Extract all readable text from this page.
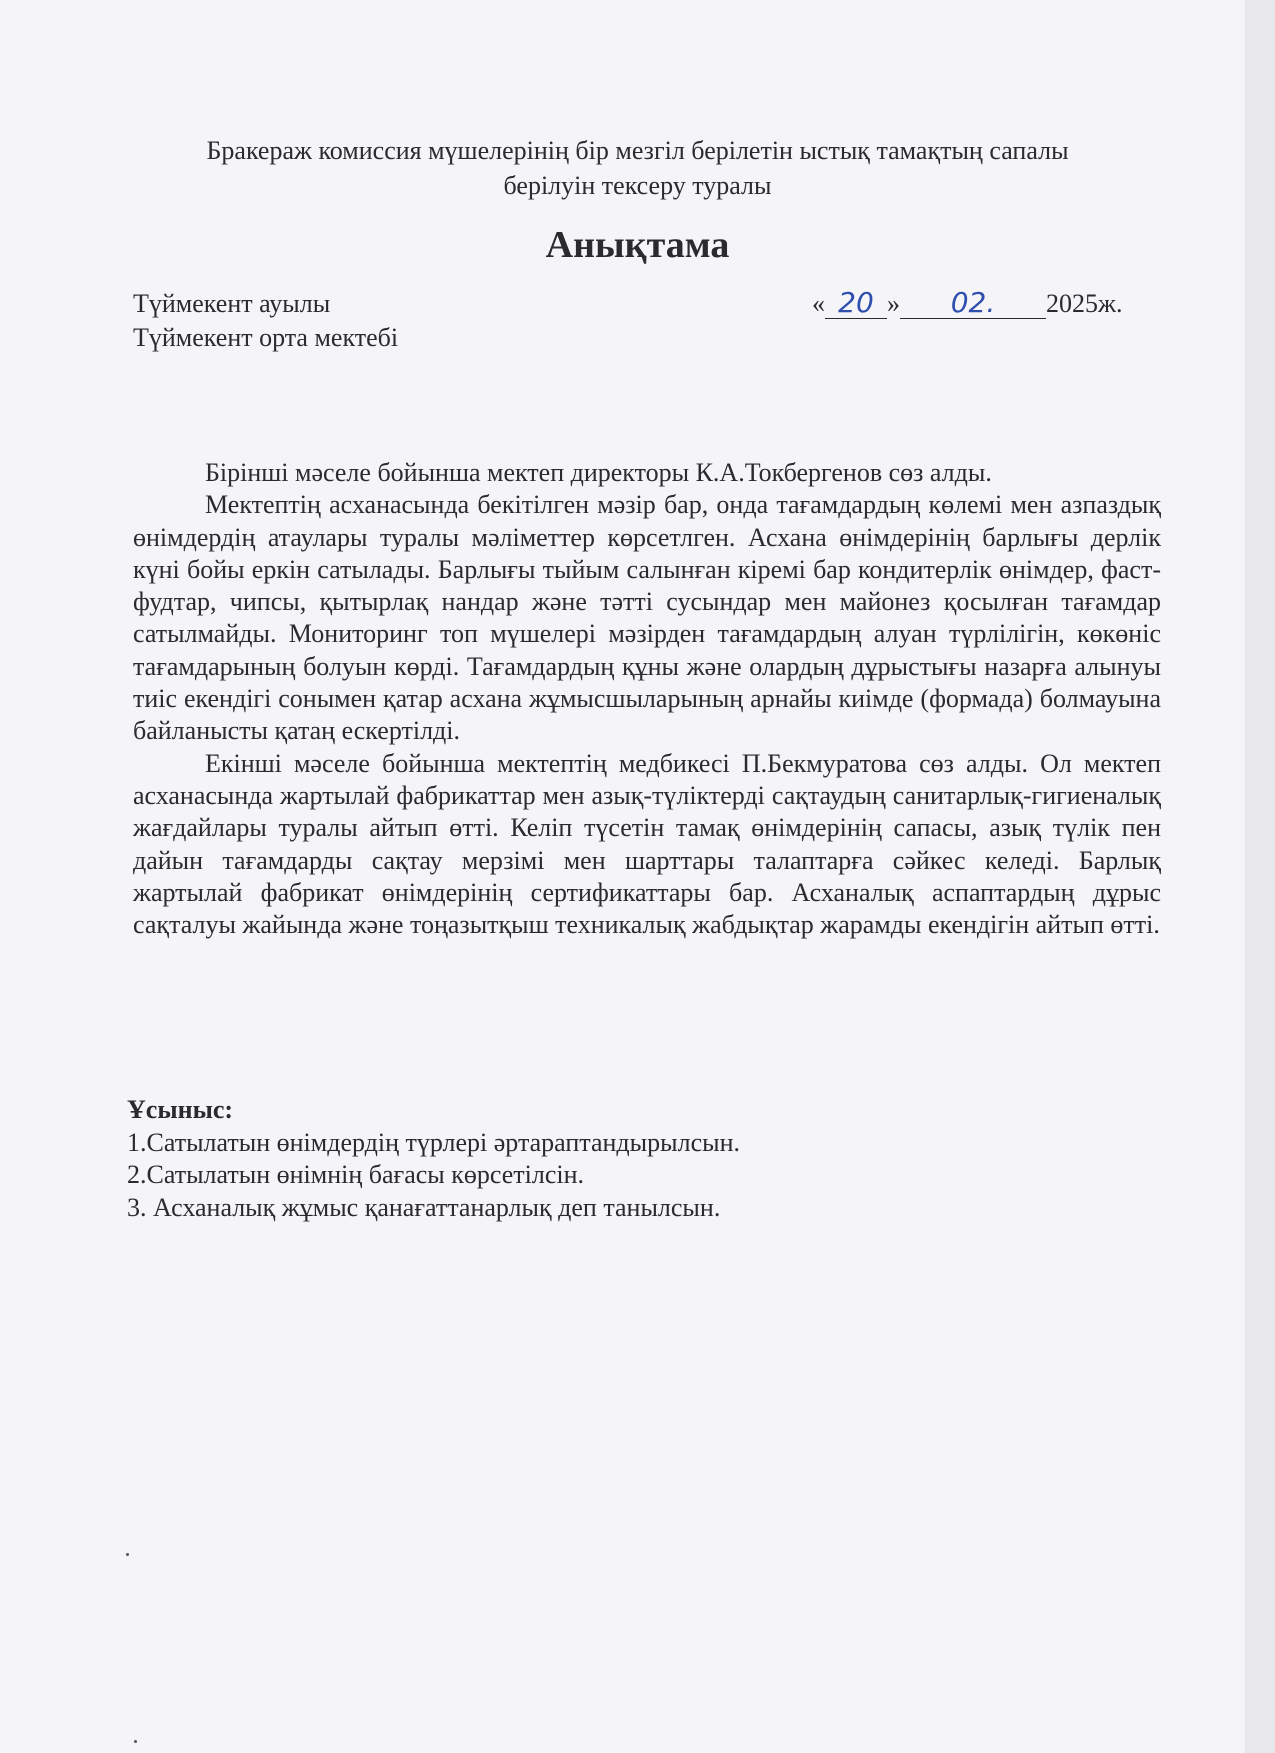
Бракераж комиссия мүшелерінің бір мезгіл берілетін ыстық тамақтың сапалы
берілуін тексеру туралы
Анықтама
Түймекент ауылы
Түймекент орта мектебі
« 20 » 02. 2025ж.

Бірінші мәселе бойынша мектеп директоры К.А.Токбергенов сөз алды.

Мектептің асханасында бекітілген мәзір бар, онда тағамдардың көлемі мен азпаздық өнімдердің атаулары туралы мәліметтер көрсетлген. Асхана өнімдерінің барлығы дерлік күні бойы еркін сатылады. Барлығы тыйым салынған кіремі бар кондитерлік өнімдер, фаст-фудтар, чипсы, қытырлақ нандар және тәтті сусындар мен майонез қосылған тағамдар сатылмайды. Мониторинг топ мүшелері мәзірден тағамдардың алуан түрлілігін, көкөніс тағамдарының болуын көрді. Тағамдардың құны және олардың дұрыстығы назарға алынуы тиіс екендігі сонымен қатар асхана жұмысшыларының арнайы киімде (формада) болмауына байланысты қатаң ескертілді.

Екінші мәселе бойынша мектептің медбикесі П.Бекмуратова сөз алды. Ол мектеп асханасында жартылай фабрикаттар мен азық-түліктерді сақтаудың санитарлық-гигиеналық жағдайлары туралы айтып өтті. Келіп түсетін тамақ өнімдерінің сапасы, азық түлік пен дайын тағамдарды сақтау мерзімі мен шарттары талаптарға сәйкес келеді. Барлық жартылай фабрикат өнімдерінің сертификаттары бар. Асханалық аспаптардың дұрыс сақталуы жайында және тоңазытқыш техникалық жабдықтар жарамды екендігін айтып өтті.

Ұсыныс:
1.Сатылатын өнімдердің түрлері әртараптандырылсын.
2.Сатылатын өнімнің бағасы көрсетілсін.
3. Асханалық жұмыс қанағаттанарлық деп танылсын.
